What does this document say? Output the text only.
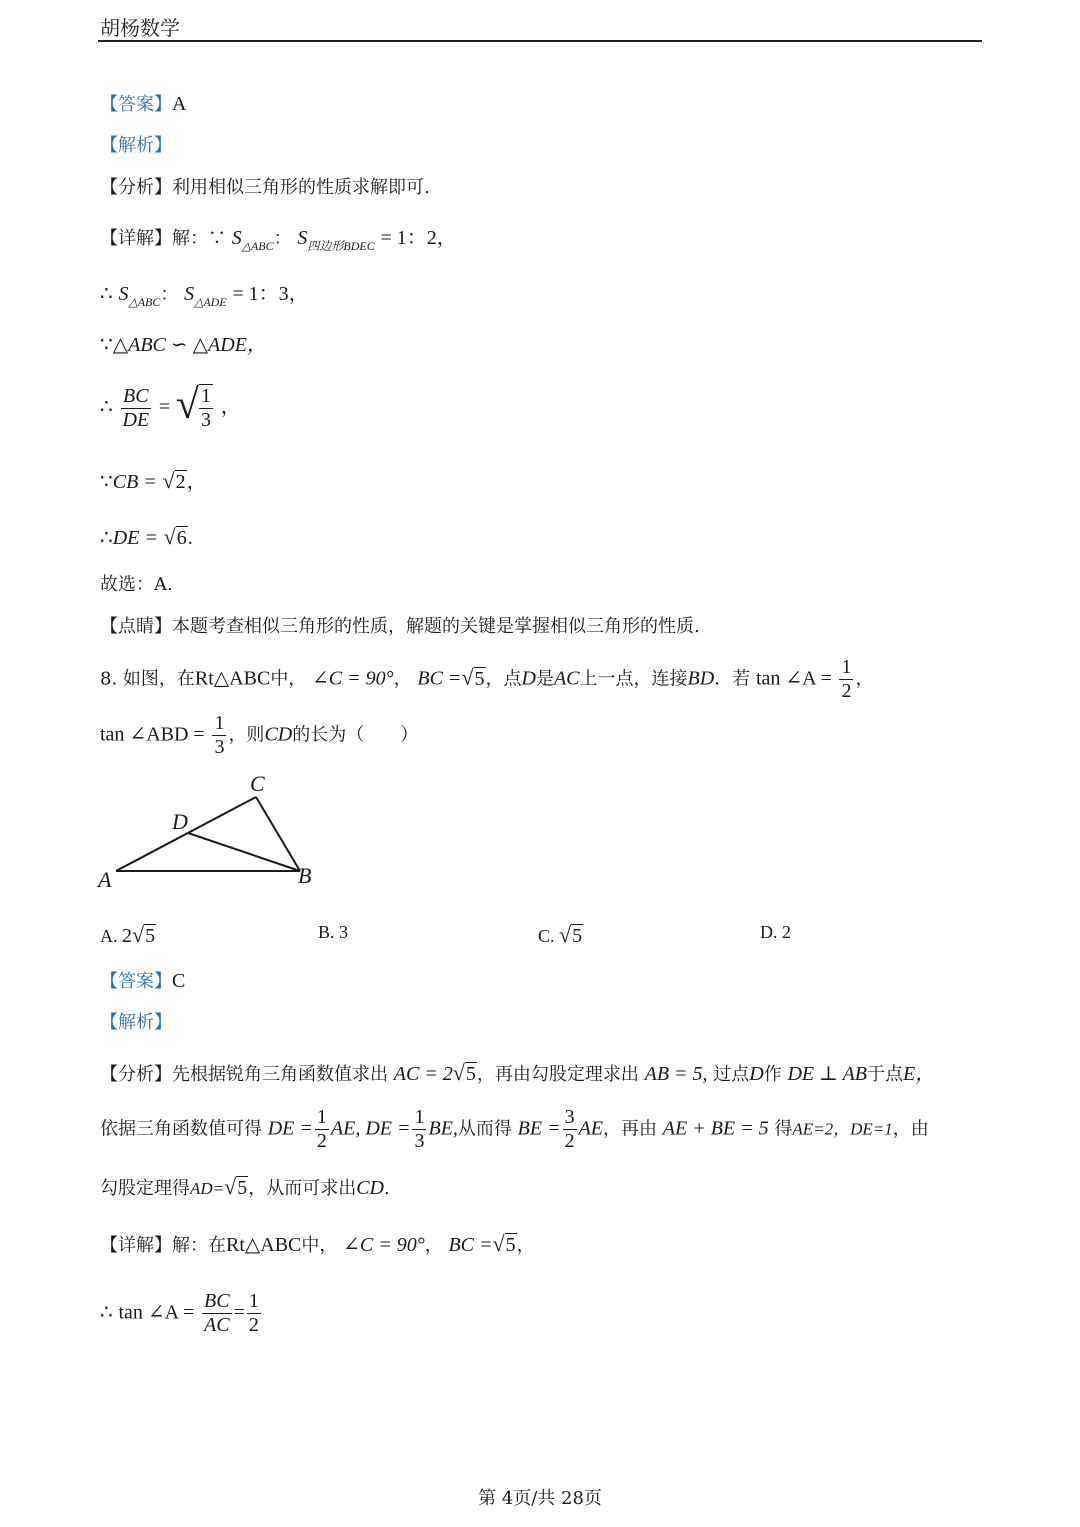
胡杨数学
【答案】A
【解析】
【分析】利用相似三角形的性质求解即可.
【详解】解：∵ $S_{\triangle ABC}$： $S_{四边形BDEC} = 1$：2，
∴ $S_{\triangle ABC}$： $S_{\triangle ADE} = 1$：3，
∵△ABC ∽ △ADE，
∴ $\frac{BC}{DE}$ = √ $\frac{1}{3}$ ，
∵CB = √2，
∴DE = √6.
故选：A.
【点睛】本题考查相似三角形的性质，解题的关键是掌握相似三角形的性质.
8. 如图，在Rt△ABC中， ∠C = 90°， BC =√5，点D是AC上一点，连接BD．若 tan ∠A = $\frac{1}{2}$ ，
tan ∠ABD = $\frac{1}{3}$ ，则CD的长为（　　）
A	B
C
D
A. 2√5	B. 3	C. √5	D. 2
【答案】C
【解析】
【分析】先根据锐角三角函数值求出 AC = 2√5，再由勾股定理求出 AB = 5, 过点D作 DE ⊥ AB于点E，
依据三角函数值可得 DE = $\frac{1}{2}$ AE, DE = $\frac{1}{3}$ BE,从而得 BE = $\frac{3}{2}$ AE，再由 AE + BE = 5 得AE=2，DE=1，由
勾股定理得AD=√5，从而可求出CD.
【详解】解：在Rt△ABC中， ∠C = 90°， BC =√5，
∴ tan ∠A = $\frac{BC}{AC} = \frac{1}{2}$
第 4页/共 28页
